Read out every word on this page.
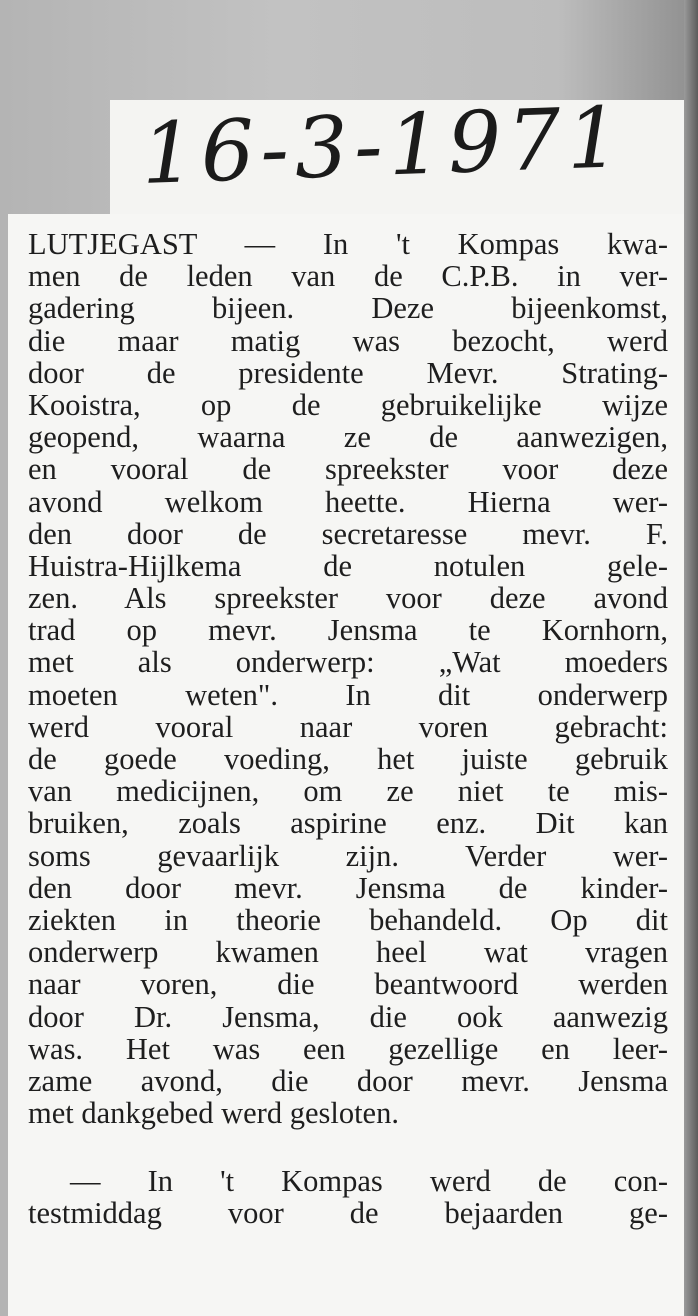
16-3-1971
LUTJEGAST — In 't Kompas kwa-
men de leden van de C.P.B. in ver-
gadering bijeen. Deze bijeenkomst,
die maar matig was bezocht, werd
door de presidente Mevr. Strating-
Kooistra, op de gebruikelijke wijze
geopend, waarna ze de aanwezigen,
en vooral de spreekster voor deze
avond welkom heette. Hierna wer-
den door de secretaresse mevr. F.
Huistra-Hijlkema de notulen gele-
zen. Als spreekster voor deze avond
trad op mevr. Jensma te Kornhorn,
met als onderwerp: „Wat moeders
moeten weten". In dit onderwerp
werd vooral naar voren gebracht:
de goede voeding, het juiste gebruik
van medicijnen, om ze niet te mis-
bruiken, zoals aspirine enz. Dit kan
soms gevaarlijk zijn. Verder wer-
den door mevr. Jensma de kinder-
ziekten in theorie behandeld. Op dit
onderwerp kwamen heel wat vragen
naar voren, die beantwoord werden
door Dr. Jensma, die ook aanwezig
was. Het was een gezellige en leer-
zame avond, die door mevr. Jensma
met dankgebed werd gesloten.
— In 't Kompas werd de con-
testmiddag voor de bejaarden ge-
